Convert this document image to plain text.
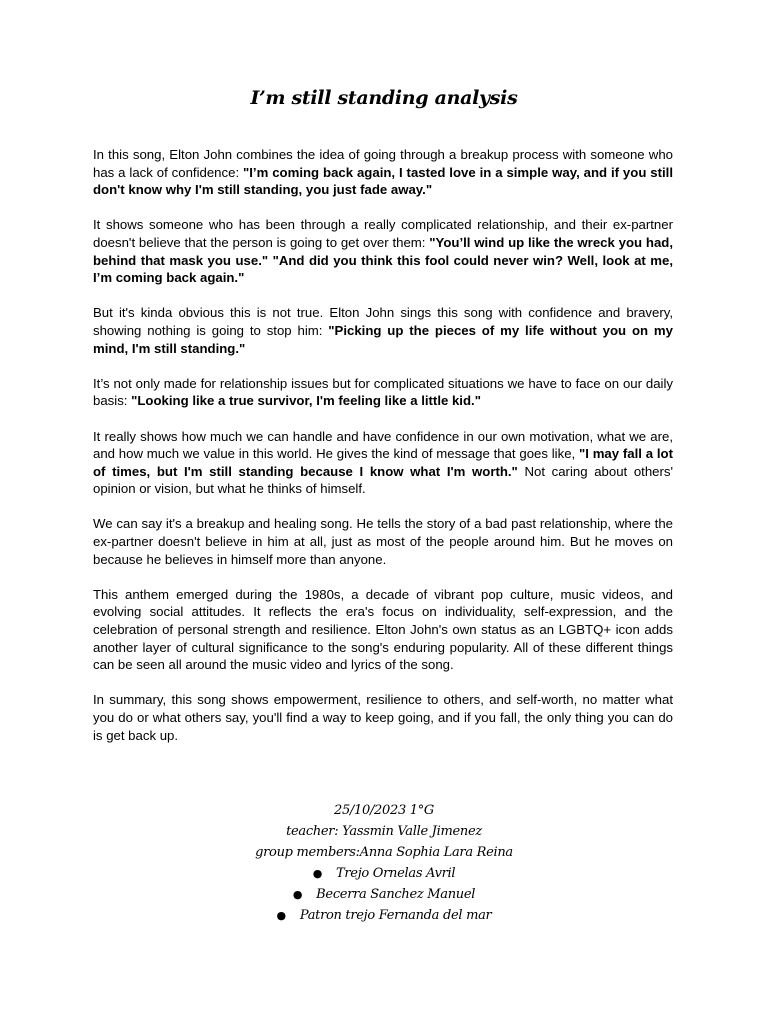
I’m still standing analysis

In this song, Elton John combines the idea of going through a breakup process with someone who has a lack of confidence: "I’m coming back again, I tasted love in a simple way, and if you still don't know why I'm still standing, you just fade away."

It shows someone who has been through a really complicated relationship, and their ex-partner doesn't believe that the person is going to get over them: "You’ll wind up like the wreck you had, behind that mask you use." "And did you think this fool could never win? Well, look at me, I’m coming back again."

But it's kinda obvious this is not true. Elton John sings this song with confidence and bravery, showing nothing is going to stop him: "Picking up the pieces of my life without you on my mind, I'm still standing."

It’s not only made for relationship issues but for complicated situations we have to face on our daily basis: "Looking like a true survivor, I'm feeling like a little kid."

It really shows how much we can handle and have confidence in our own motivation, what we are, and how much we value in this world. He gives the kind of message that goes like, "I may fall a lot of times, but I'm still standing because I know what I'm worth." Not caring about others' opinion or vision, but what he thinks of himself.

We can say it's a breakup and healing song. He tells the story of a bad past relationship, where the ex-partner doesn't believe in him at all, just as most of the people around him. But he moves on because he believes in himself more than anyone.

This anthem emerged during the 1980s, a decade of vibrant pop culture, music videos, and evolving social attitudes. It reflects the era's focus on individuality, self-expression, and the celebration of personal strength and resilience. Elton John's own status as an LGBTQ+ icon adds another layer of cultural significance to the song's enduring popularity. All of these different things can be seen all around the music video and lyrics of the song.

In summary, this song shows empowerment, resilience to others, and self-worth, no matter what you do or what others say, you'll find a way to keep going, and if you fall, the only thing you can do is get back up.

25/10/2023 1°G
teacher: Yassmin Valle Jimenez
group members:Anna Sophia Lara Reina
● Trejo Ornelas Avril
● Becerra Sanchez Manuel
● Patron trejo Fernanda del mar
